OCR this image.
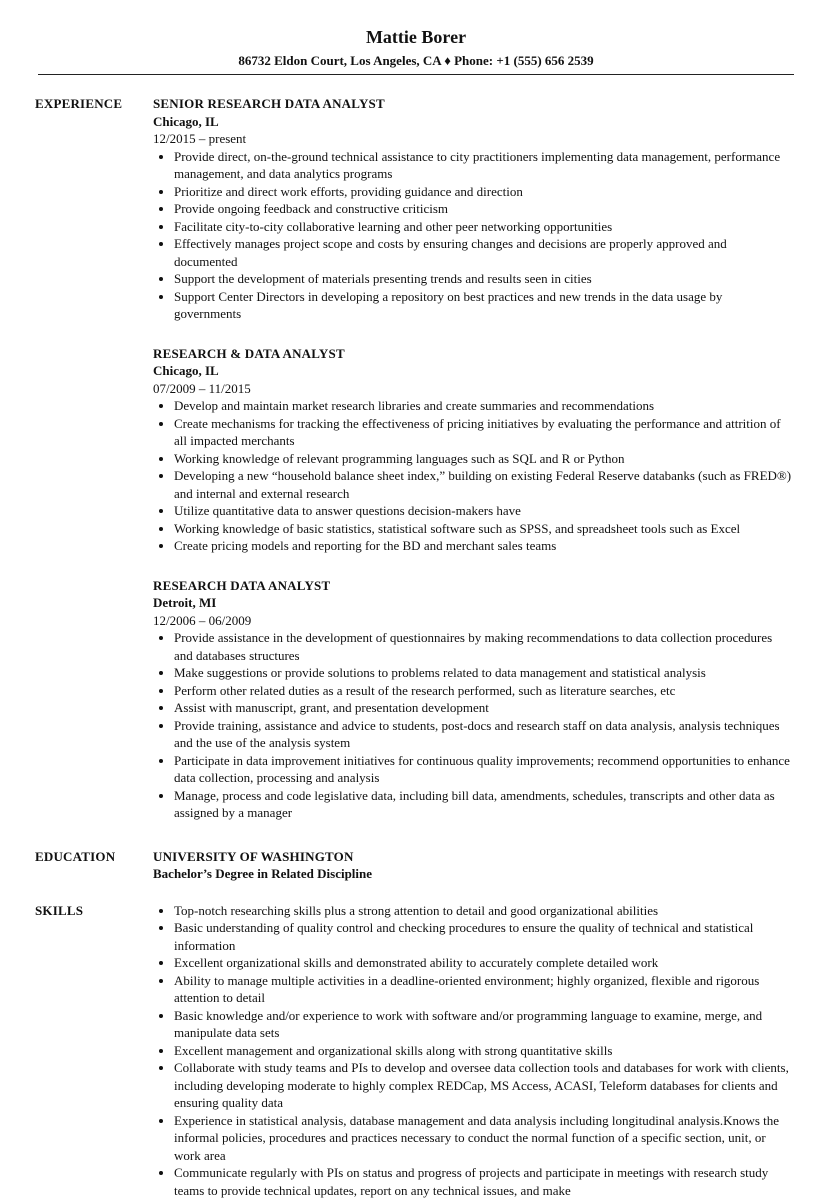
Mattie Borer
86732 Eldon Court, Los Angeles, CA ♦ Phone: +1 (555) 656 2539
EXPERIENCE SENIOR RESEARCH DATA ANALYST
Chicago, IL
12/2015 – present
• Provide direct, on-the-ground technical assistance to city practitioners implementing data management, performance management, and data analytics programs
• Prioritize and direct work efforts, providing guidance and direction
• Provide ongoing feedback and constructive criticism
• Facilitate city-to-city collaborative learning and other peer networking opportunities
• Effectively manages project scope and costs by ensuring changes and decisions are properly approved and documented
• Support the development of materials presenting trends and results seen in cities
• Support Center Directors in developing a repository on best practices and new trends in the data usage by governments
RESEARCH & DATA ANALYST
Chicago, IL
07/2009 – 11/2015
• Develop and maintain market research libraries and create summaries and recommendations
• Create mechanisms for tracking the effectiveness of pricing initiatives by evaluating the performance and attrition of all impacted merchants
• Working knowledge of relevant programming languages such as SQL and R or Python
• Developing a new “household balance sheet index,” building on existing Federal Reserve databanks (such as FRED®) and internal and external research
• Utilize quantitative data to answer questions decision-makers have
• Working knowledge of basic statistics, statistical software such as SPSS, and spreadsheet tools such as Excel
• Create pricing models and reporting for the BD and merchant sales teams
RESEARCH DATA ANALYST
Detroit, MI
12/2006 – 06/2009
• Provide assistance in the development of questionnaires by making recommendations to data collection procedures and databases structures
• Make suggestions or provide solutions to problems related to data management and statistical analysis
• Perform other related duties as a result of the research performed, such as literature searches, etc
• Assist with manuscript, grant, and presentation development
• Provide training, assistance and advice to students, post-docs and research staff on data analysis, analysis techniques and the use of the analysis system
• Participate in data improvement initiatives for continuous quality improvements; recommend opportunities to enhance data collection, processing and analysis
• Manage, process and code legislative data, including bill data, amendments, schedules, transcripts and other data as assigned by a manager
EDUCATION	UNIVERSITY OF WASHINGTON
Bachelor’s Degree in Related Discipline
SKILLS
•	Top-notch researching skills plus a strong attention to detail and good organizational abilities
• Basic understanding of quality control and checking procedures to ensure the quality of technical and statistical information
• Excellent organizational skills and demonstrated ability to accurately complete detailed work
• Ability to manage multiple activities in a deadline-oriented environment; highly organized, flexible and rigorous attention to detail
• Basic knowledge and/or experience to work with software and/or programming language to examine, merge, and manipulate data sets
• Excellent management and organizational skills along with strong quantitative skills
• Collaborate with study teams and PIs to develop and oversee data collection tools and databases for work with clients, including developing moderate to highly complex REDCap, MS Access, ACASI, Teleform databases for clients and ensuring quality data
• Experience in statistical analysis, database management and data analysis including longitudinal analysis.Knows the informal policies, procedures and practices necessary to conduct the normal function of a specific section, unit, or work area
• Communicate regularly with PIs on status and progress of projects and participate in meetings with research study teams to provide technical updates, report on any technical issues, and make
